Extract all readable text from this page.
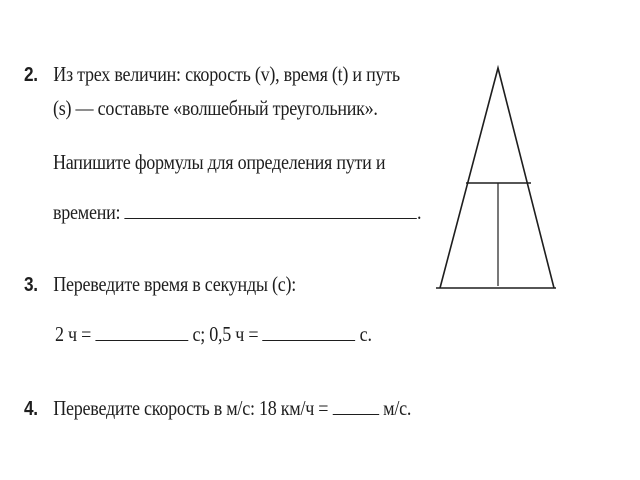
2. Из трех величин: скорость (v), время (t) и путь
(s) — составьте «волшебный треугольник».
Напишите формулы для определения пути и
времени:	.
3. Переведите время в секунды (с):
2 ч =	с; 0,5 ч =	с.
4. Переведите скорость в м/с: 18 км/ч =	м/с.
